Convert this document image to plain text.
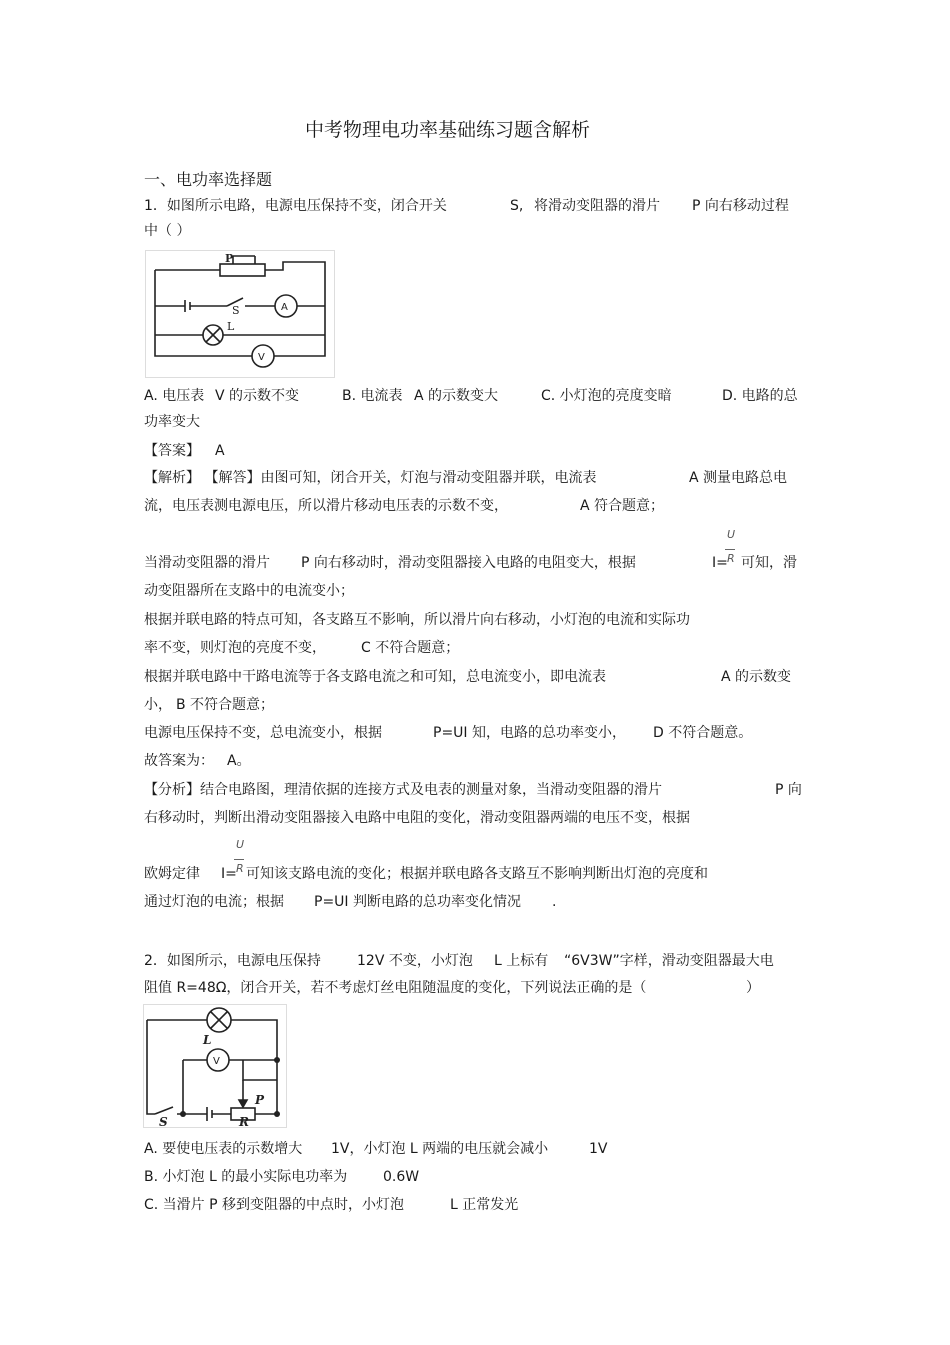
中考物理电功率基础练习题含解析
一、电功率选择题
1．如图所示电路，电源电压保持不变，闭合开关	S, 将滑动变阻器的滑片 P 向右移动过程
中（ ）
P
S
L
A
V
A. 电压表 V 的示数不变	B. 电流表 A 的示数变大	C. 小灯泡的亮度变暗	D. 电路的总
功率变大
【答案】 A
【解析】 【解答】由图可知，闭合开关，灯泡与滑动变阻器并联，电流表	A 测量电路总电
流，电压表测电源电压，所以滑片移动电压表的示数不变，	A 符合题意；
当滑动变阻器的滑片 P 向右移动时，滑动变阻器接入电路的电阻变大，根据	I=
U
R 可知，滑
动变阻器所在支路中的电流变小；
根据并联电路的特点可知，各支路互不影响，所以滑片向右移动，小灯泡的电流和实际功
率不变，则灯泡的亮度不变，	C 不符合题意；
根据并联电路中干路电流等于各支路电流之和可知，总电流变小，即电流表	A 的示数变
小， B 不符合题意；
电源电压保持不变，总电流变小，根据	P=UI 知，电路的总功率变小， D 不符合题意。
故答案为： A。
【分析】结合电路图，理清依据的连接方式及电表的测量对象，当滑动变阻器的滑片	P 向
右移动时，判断出滑动变阻器接入电路中电阻的变化，滑动变阻器两端的电压不变，根据
欧姆定律 I=
U
R 可知该支路电流的变化；根据并联电路各支路互不影响判断出灯泡的亮度和
通过灯泡的电流；根据 P=UI 判断电路的总功率变化情况 .
2．如图所示，电源电压保持	12V 不变，小灯泡 L 上标有 “6V3W”字样，滑动变阻器最大电
阻值 R=48Ω，闭合开关，若不考虑灯丝电阻随温度的变化，下列说法正确的是（	）
L
V
P
S	R
A. 要使电压表的示数增大 1V，小灯泡 L 两端的电压就会减小	1V
B. 小灯泡 L 的最小实际电功率为	0.6W
C. 当滑片 P 移到变阻器的中点时，小灯泡	L 正常发光
